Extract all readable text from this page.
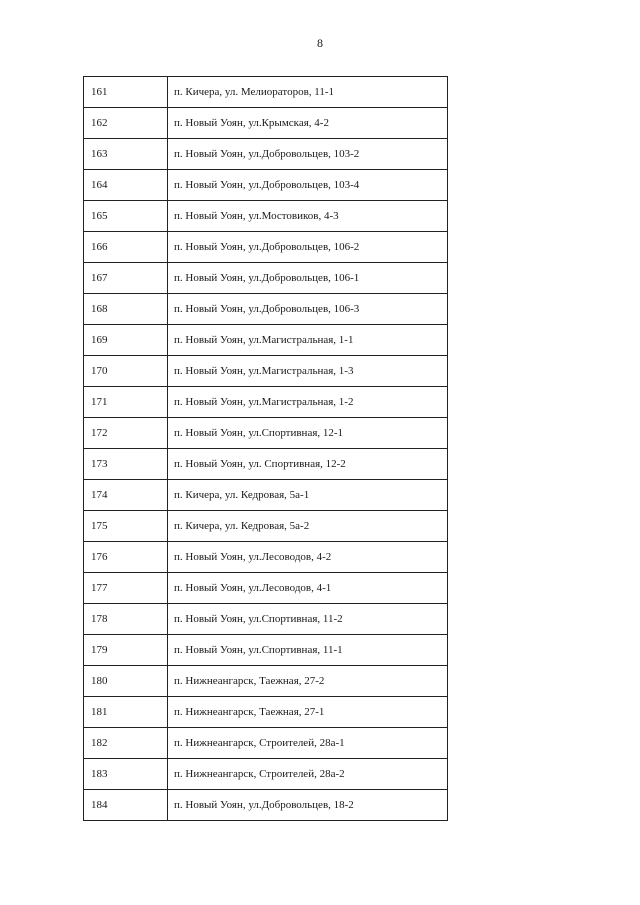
8
161	п. Кичера, ул. Мелиораторов, 11-1
162	п. Новый Уоян, ул.Крымская, 4-2
163	п. Новый Уоян, ул.Добровольцев, 103-2
164	п. Новый Уоян, ул.Добровольцев, 103-4
165	п. Новый Уоян, ул.Мостовиков, 4-3
166	п. Новый Уоян, ул.Добровольцев, 106-2
167	п. Новый Уоян, ул.Добровольцев, 106-1
168	п. Новый Уоян, ул.Добровольцев, 106-3
169	п. Новый Уоян, ул.Магистральная, 1-1
170	п. Новый Уоян, ул.Магистральная, 1-3
171	п. Новый Уоян, ул.Магистральная, 1-2
172	п. Новый Уоян, ул.Спортивная, 12-1
173	п. Новый Уоян, ул. Спортивная, 12-2
174	п. Кичера, ул. Кедровая, 5а-1
175	п. Кичера, ул. Кедровая, 5а-2
176	п. Новый Уоян, ул.Лесоводов, 4-2
177	п. Новый Уоян, ул.Лесоводов, 4-1
178	п. Новый Уоян, ул.Спортивная, 11-2
179	п. Новый Уоян, ул.Спортивная, 11-1
180	п. Нижнеангарск, Таежная, 27-2
181	п. Нижнеангарск, Таежная, 27-1
182	п. Нижнеангарск, Строителей, 28а-1
183	п. Нижнеангарск, Строителей, 28а-2
184	п. Новый Уоян, ул.Добровольцев, 18-2
